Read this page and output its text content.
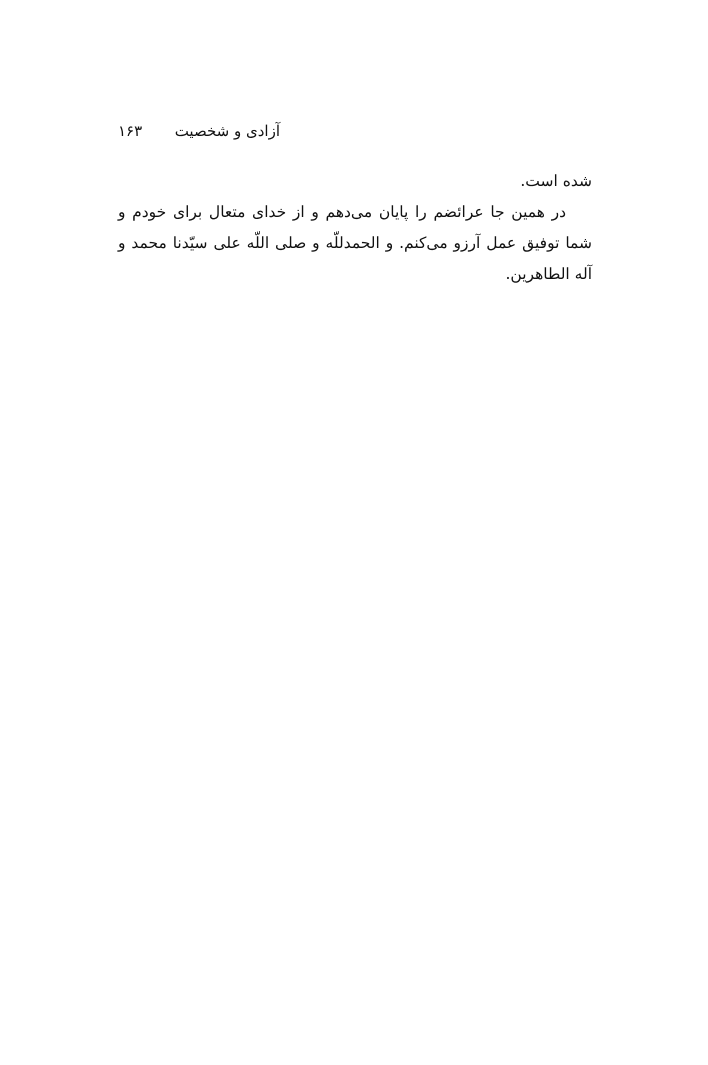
آزادی و شخصیت
۱۶۳

شده است.

در همین جا عرائضم را پایان می‌دهم و از خدای متعال برای خودم و شما توفیق عمل آرزو می‌کنم. و الحمدللّه و صلی اللّه علی سیّدنا محمد و آله الطاهرین.
